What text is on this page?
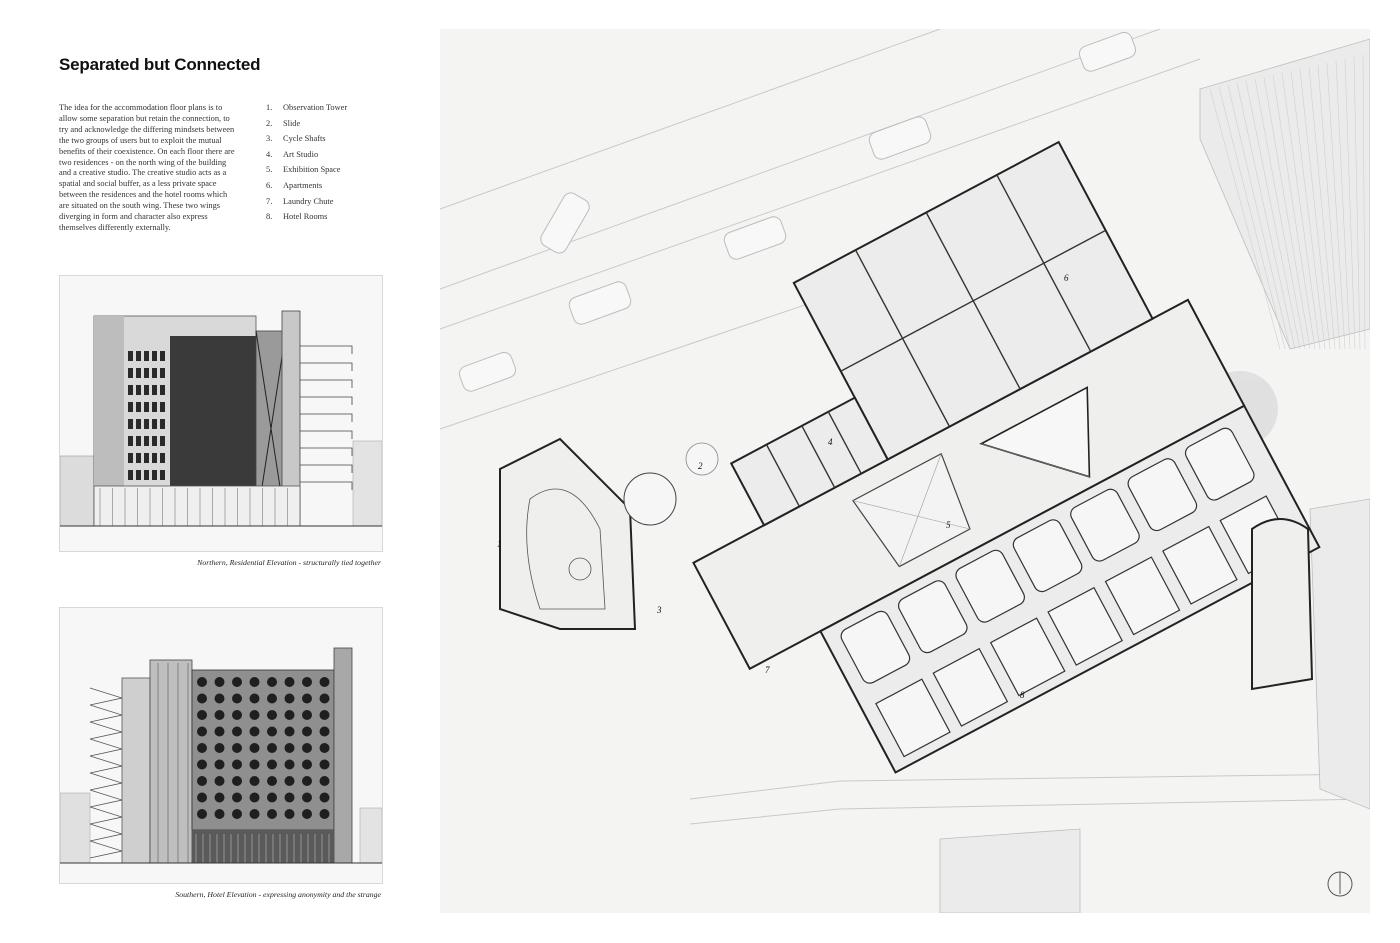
Separated but Connected

The idea for the accommodation floor plans is to allow some separation but retain the connection, to try and acknowledge the differing mindsets between the two groups of users but to exploit the mutual benefits of their coexistence. On each floor there are two residences - on the north wing of the building and a creative studio. The creative studio acts as a spatial and social buffer, as a less private space between the residences and the hotel rooms which are situated on the south wing. These two wings diverging in form and character also express themselves differently externally.

1. Observation Tower
2. Slide
3. Cycle Shafts
4. Art Studio
5. Exhibition Space
6. Apartments
7. Laundry Chute
8. Hotel Rooms
Northern, Residential Elevation - structurally tied together
Southern, Hotel Elevation - expressing anonymity and the strange
1
2
3
4
5
6
7
8
